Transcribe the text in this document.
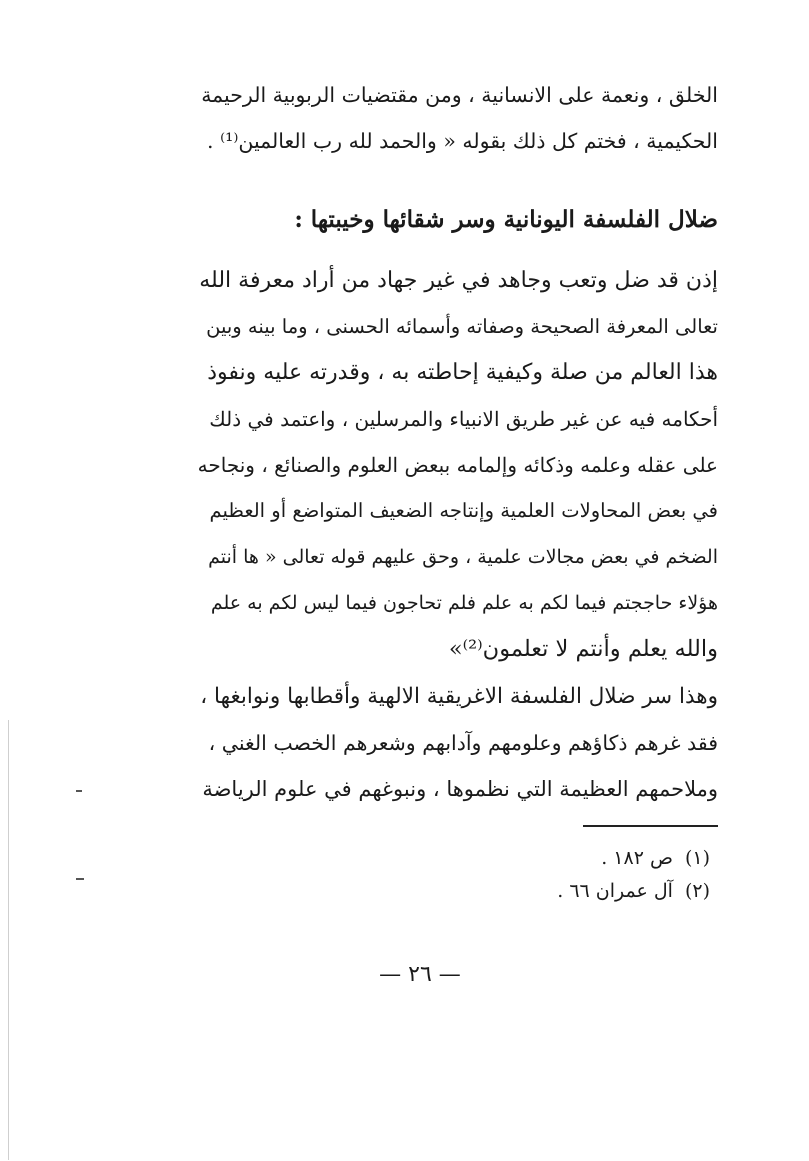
الخلق ، ونعمة على الانسانية ، ومن مقتضيات الربوبية الرحيمة
الحكيمية ، فختم كل ذلك بقوله « والحمد لله رب العالمين⁽¹⁾ .
ضلال الفلسفة اليونانية وسر شقائها وخيبتها :
إذن قد ضل وتعب وجاهد في غير جهاد من أراد معرفة الله
تعالى المعرفة الصحيحة وصفاته وأسمائه الحسنى ، وما بينه وبين
هذا العالم من صلة وكيفية إحاطته به ، وقدرته عليه ونفوذ
أحكامه فيه عن غير طريق الانبياء والمرسلين ، واعتمد في ذلك
على عقله وعلمه وذكائه وإلمامه ببعض العلوم والصنائع ، ونجاحه
في بعض المحاولات العلمية وإنتاجه الضعيف المتواضع أو العظيم
الضخم في بعض مجالات علمية ، وحق عليهم قوله تعالى « ها أنتم
هؤلاء حاججتم فيما لكم به علم فلم تحاجون فيما ليس لكم به علم
والله يعلم وأنتم لا تعلمون⁽²⁾»
وهذا سر ضلال الفلسفة الاغريقية الالهية وأقطابها ونوابغها ،
فقد غرهم ذكاؤهم وعلومهم وآدابهم وشعرهم الخصب الغني ،
وملاحمهم العظيمة التي نظموها ، ونبوغهم في علوم الرياضة
(١)ص ١٨٢ .
(٢)آل عمران ٦٦ .
— ٢٦ —
